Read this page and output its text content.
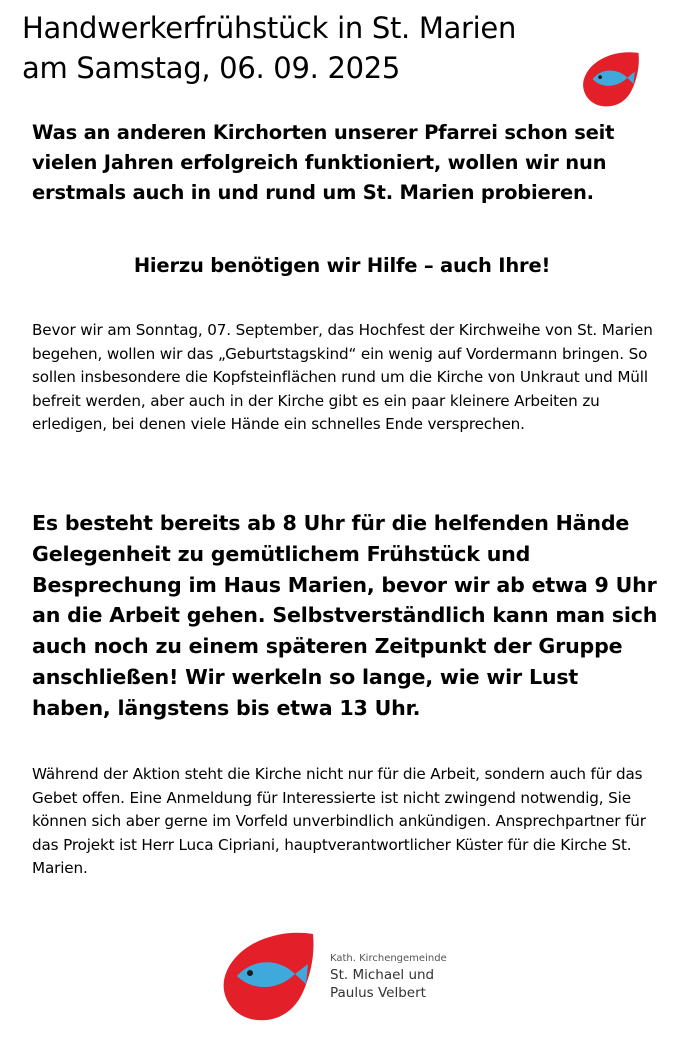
Handwerkerfrühstück in St. Marien
am Samstag, 06. 09. 2025

Was an anderen Kirchorten unserer Pfarrei schon seit vielen Jahren erfolgreich funktioniert, wollen wir nun erstmals auch in und rund um St. Marien probieren.

Hierzu benötigen wir Hilfe – auch Ihre!

Bevor wir am Sonntag, 07. September, das Hochfest der Kirchweihe von St. Marien begehen, wollen wir das „Geburtstagskind“ ein wenig auf Vordermann bringen. So sollen insbesondere die Kopfsteinflächen rund um die Kirche von Unkraut und Müll befreit werden, aber auch in der Kirche gibt es ein paar kleinere Arbeiten zu erledigen, bei denen viele Hände ein schnelles Ende versprechen.

Es besteht bereits ab 8 Uhr für die helfenden Hände Gelegenheit zu gemütlichem Frühstück und Besprechung im Haus Marien, bevor wir ab etwa 9 Uhr an die Arbeit gehen. Selbstverständlich kann man sich auch noch zu einem späteren Zeitpunkt der Gruppe anschließen! Wir werkeln so lange, wie wir Lust haben, längstens bis etwa 13 Uhr.

Während der Aktion steht die Kirche nicht nur für die Arbeit, sondern auch für das Gebet offen. Eine Anmeldung für Interessierte ist nicht zwingend notwendig, Sie können sich aber gerne im Vorfeld unverbindlich ankündigen. Ansprechpartner für das Projekt ist Herr Luca Cipriani, hauptverantwortlicher Küster für die Kirche St. Marien.

Kath. Kirchengemeinde
St. Michael und
Paulus Velbert
